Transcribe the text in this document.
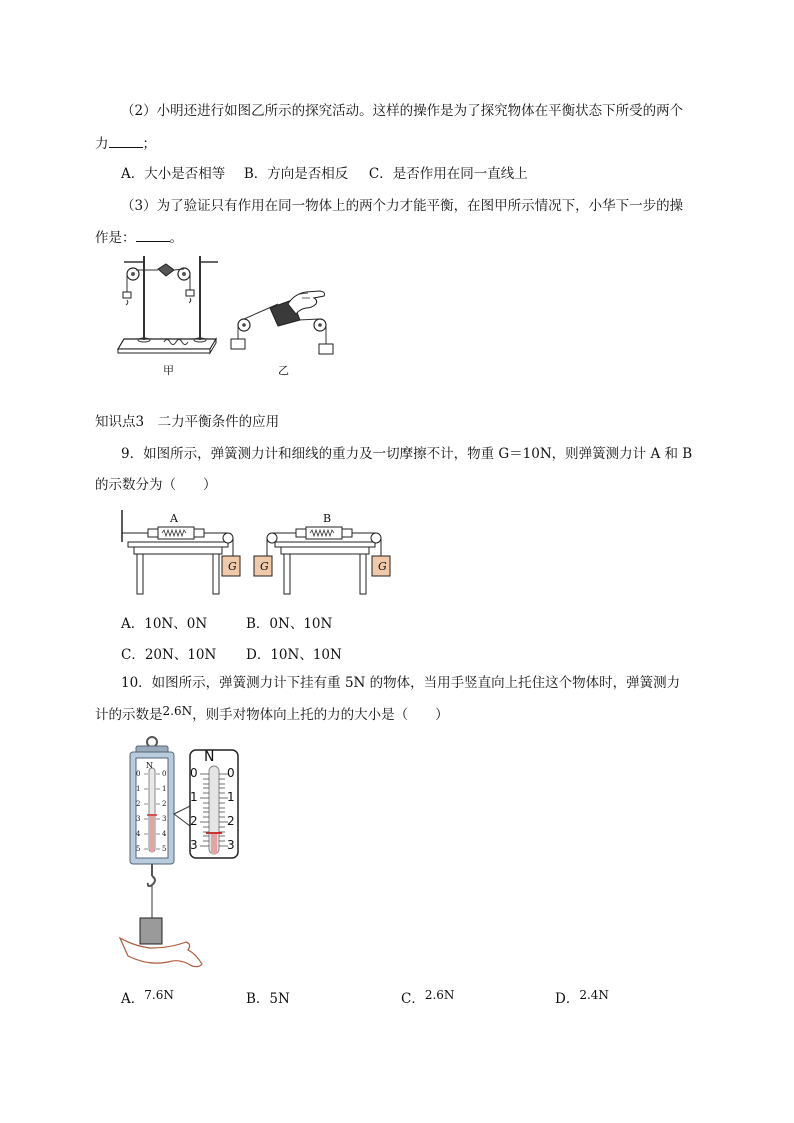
（2）小明还进行如图乙所示的探究活动。这样的操作是为了探究物体在平衡状态下所受的两个
力	；
A．大小是否相等 B．方向是否相反 C．是否作用在同一直线上
（3）为了验证只有作用在同一物体上的两个力才能平衡，在图甲所示情况下，小华下一步的操
作是：	。
甲	乙
知识点3　二力平衡条件的应用
9．如图所示，弹簧测力计和细线的重力及一切摩擦不计，物重 G＝10N，则弹簧测力计 A 和 B
的示数分为（　　）
A	B
G G	G
A．10N、0N	B．0N、10N
C．20N、10N D．10N、10N
10．如图所示，弹簧测力计下挂有重 5N 的物体，当用手竖直向上托住这个物体时，弹簧测力
计的示数是2.6N，则手对物体向上托的力的大小是（　　）
N
0
1
2
3
4
5
0
1
2
3
4
5
N
0
1
2
3
0
1
2
3
A．7.6N	B．5N	C．2.6N	D．2.4N
